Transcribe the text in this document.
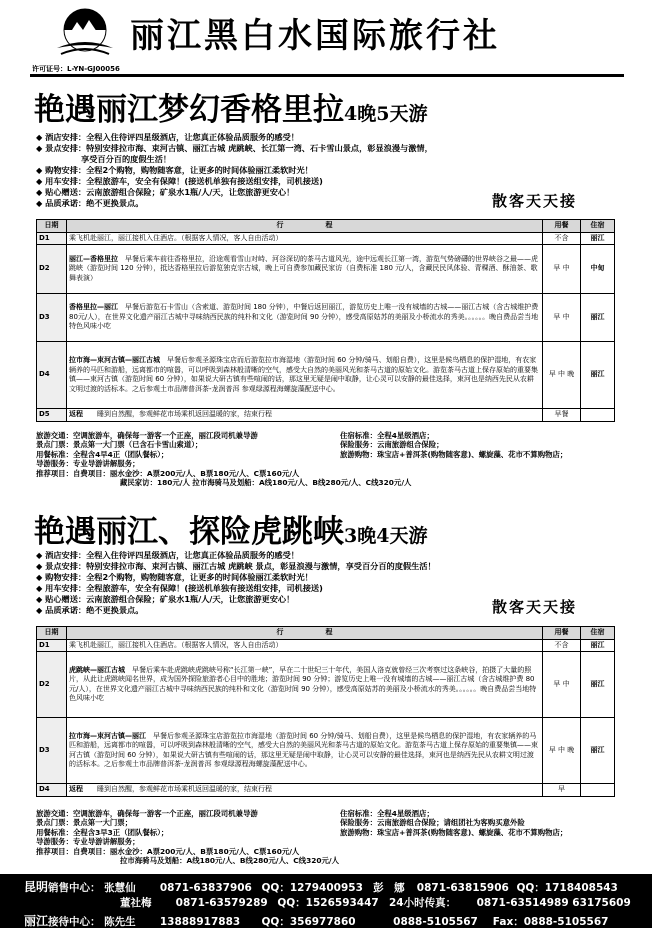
丽江黑白水国际旅行社
许可证号：L-YN-GJ00056
艳遇丽江梦幻香格里拉4晚5天游
◆ 酒店安排：全程入住待评四星级酒店，让您真正体验品质服务的感受！
◆ 景点安排：特别安排拉市海、束河古镇、丽江古城 虎跳峡、长江第一湾、石卡雪山景点，彰显浪漫与激情，
享受百分百的度假生活！
◆ 购物安排：全程2个购物，购物随客意，让更多的时间体验丽江柔软时光！
◆ 用车安排：全程旅游车，安全有保障！(接送机单独有接送组安排，司机接送)
◆ 贴心赠送：云南旅游组合保险；矿泉水1瓶/人/天，让您旅游更安心！
◆ 品质承诺：绝不更换景点。	散客天天接
日期	行　　　　　　程	用餐	住宿
D1	乘飞机赴丽江，丽江接机入住酒店。（根据客人情况，客人自由活动）	不含	丽江
D2	丽江—香格里拉　 早餐后乘车前往香格里拉，沿途观看雪山对峙、河谷深切的茶马古道风光，途中远观长江第一湾，游览气势磅礴的世界峡谷之最——虎跳峡（游览时间 120 分钟），抵达香格里拉后游览独克宗古城，晚上可自费参加藏民家访（自费标准 180 元/人，含藏民民风体验、青稞酒、酥油茶、歌舞表演）	早 中	中甸
D3	香格里拉—丽江　 早餐后游览石卡雪山（含索道、游览时间 180 分钟），中餐后返回丽江，游览历史上唯一没有城墙的古城——丽江古城（含古城维护费 80元/人），在世界文化遗产丽江古城中寻味纳西民族的纯朴和文化（游览时间 90 分钟），感受高原姑苏的美丽及小桥流水的秀美。。。。。。晚自费品尝当地特色风味小吃	早 中	丽江
D4	拉市海—束河古镇—丽江古城　 早餐后参观圣源珠宝店而后游览拉市海湿地（游览时间 60 分钟/骑马、划船自费），这里是候鸟栖息的保护湿地，有农家辆养的马匹和游船，远离都市的喧嚣，可以呼吸到森林般清晰的空气，感受大自然的美丽风光和茶马古道的原始文化。游览茶马古道上保存原始的重要集镇——束河古镇（游览时间 60 分钟），如果说大研古镇有些喧闹的话，那这里无疑是闹中取静，让心灵可以安静的最佳选择，束河也是纳西先民从农耕文明过渡的活标本。之后参观土市品牌普洱茶-龙润普洱 参观绿源程海螺旋藻配送中心。	早 中 晚	丽江
D5	返程　　 睡到自然醒，参观鲜花市场乘机返回温暖的家，结束行程	早餐	
旅游交通：空调旅游车，确保每一游客一个正座，丽江段司机兼导游
景点门票：景点第一大门票（已含石卡雪山索道）；
用餐标准：全程含4早4正（团队餐标）；
导游服务：专业导游讲解服务；
推荐项目：自费项目：丽水金沙：A票200元/人、B票180元/人、C票160元/人
藏民家访：180元/人 拉市海骑马及划船：A线180元/人、B线280元/人、C线320元/人
住宿标准：全程4星级酒店；
保险服务：云南旅游组合保险；
旅游购物：珠宝店+普洱茶(购物随客意)、螺旋藻、花市不算购物店；
艳遇丽江、探险虎跳峡3晚4天游
◆ 酒店安排：全程入住待评四星级酒店，让您真正体验品质服务的感受！
◆ 景点安排：特别安排拉市海、束河古镇、丽江古城 虎跳峡 景点，彰显浪漫与激情，享受百分百的度假生活！
◆ 购物安排：全程2个购物，购物随客意，让更多的时间体验丽江柔软时光！
◆ 用车安排：全程旅游车，安全有保障！(接送机单独有接送组安排，司机接送)
◆ 贴心赠送：云南旅游组合保险；矿泉水1瓶/人/天，让您旅游更安心！
◆ 品质承诺：绝不更换景点。	散客天天接
日期	行　　　　　　程	用餐	住宿
D1	乘飞机赴丽江，丽江接机入住酒店。（根据客人情况，客人自由活动）	不含	丽江
D2	虎跳峡—丽江古城　 早餐后乘车赴虎跳峡虎跳峡号称“长江第一峡”，早在二十世纪三十年代，美国人洛克就曾经三次考察过这条峡谷，拍摄了大量的照片，从此让虎跳峡闻名世界，成为国外探险旅游者心目中的胜地；游览时间 90 分钟；游览历史上唯一没有城墙的古城——丽江古城（含古城维护费 80元/人），在世界文化遗产丽江古城中寻味纳西民族的纯朴和文化（游览时间 90 分钟），感受高原姑苏的美丽及小桥流水的秀美。。。。。。晚自费品尝当地特色风味小吃	早 中	丽江
D3	拉市海—束河古镇—丽江　 早餐后参观圣源珠宝店游览拉市海湿地（游览时间 60 分钟/骑马、划船自费），这里是候鸟栖息的保护湿地，有农家辆养的马匹和游船，远离都市的喧嚣，可以呼吸到森林般清晰的空气，感受大自然的美丽风光和茶马古道的原始文化。游览茶马古道上保存原始的重要集镇——束河古镇（游览时间 60 分钟），如果说大研古镇有些喧闹的话，那这里无疑是闹中取静，让心灵可以安静的最佳选择，束河也是纳西先民从农耕文明过渡的活标本。之后参观土市品牌普洱茶-龙润普洱 参观绿源程海螺旋藻配送中心。	早 中 晚	丽江
D4	返程　　 睡到自然醒，参观鲜花市场乘机返回温暖的家，结束行程	早	
旅游交通：空调旅游车，确保每一游客一个正座，丽江段司机兼导游
景点门票：景点第一大门票；
用餐标准：全程含3早3正（团队餐标）；
导游服务：专业导游讲解服务；
推荐项目：自费项目：丽水金沙：A票200元/人、B票180元/人、C票160元/人
拉市海骑马及划船：A线180元/人、B线280元/人、C线320元/人
住宿标准：全程4星级酒店；
保险服务：云南旅游组合保险；请组团社为客购买意外险
旅游购物：珠宝店+普洱茶(购物随客意)、螺旋藻、花市不算购物店；
昆明销售中心： 张慧仙 0871-63837906 QQ：1279400953 彭　娜 0871-63815906 QQ：1718408543
董社梅 0871-63579289 QQ：1526593447 24小时传真： 0871-63514989 63175609
丽江接待中心： 陈先生 13888917883 QQ：356977860	0888-5105567 Fax：0888-5105567
